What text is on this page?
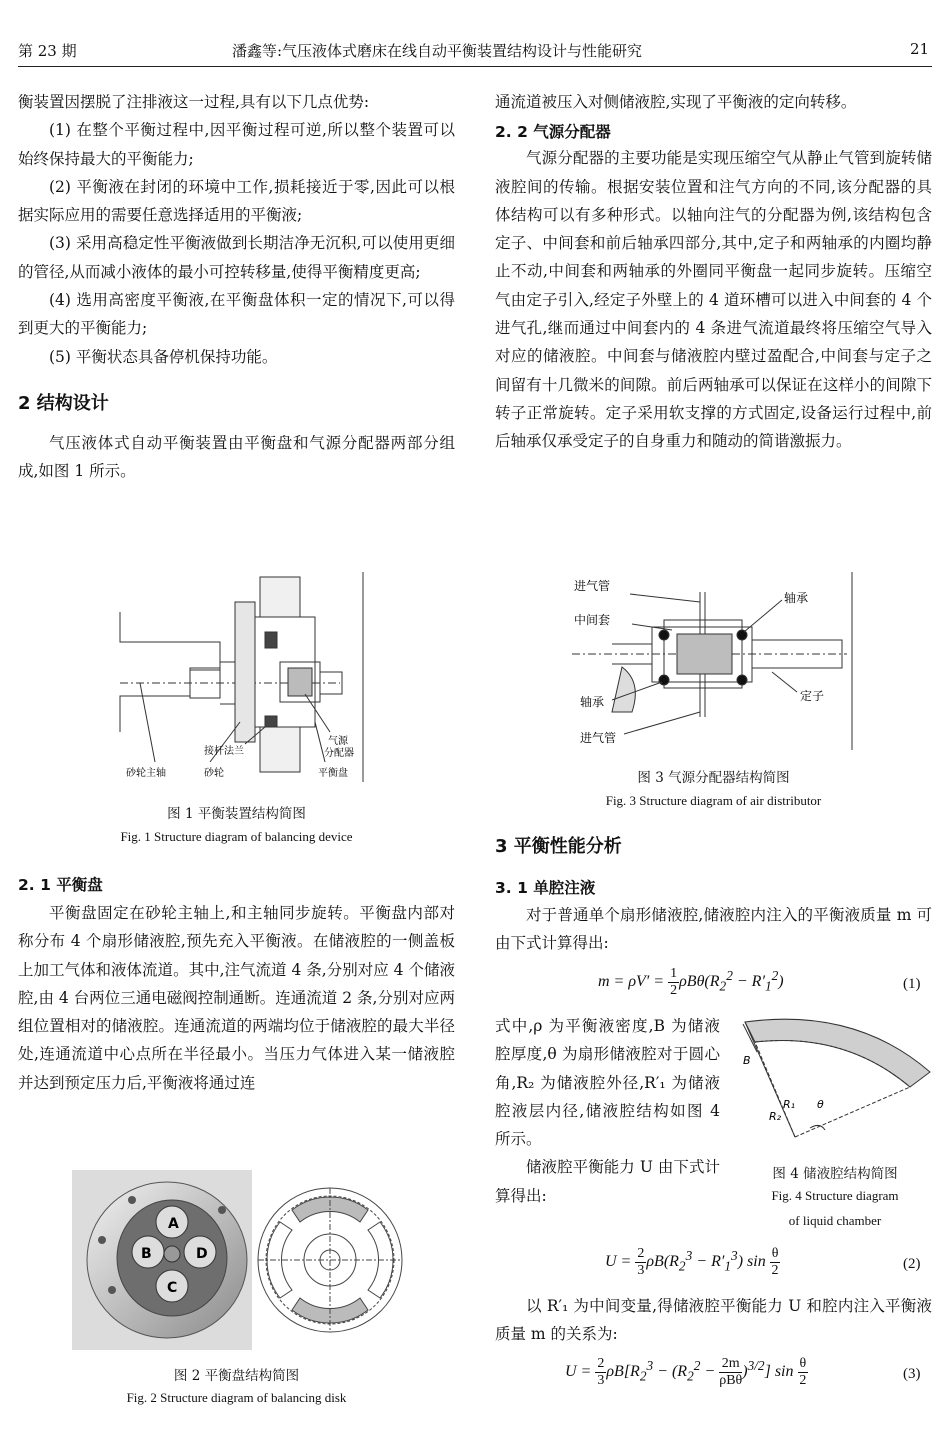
第 23 期	潘鑫等:气压液体式磨床在线自动平衡装置结构设计与性能研究	21

衡装置因摆脱了注排液这一过程,具有以下几点优势:

(1) 在整个平衡过程中,因平衡过程可逆,所以整个装置可以始终保持最大的平衡能力;

(2) 平衡液在封闭的环境中工作,损耗接近于零,因此可以根据实际应用的需要任意选择适用的平衡液;

(3) 采用高稳定性平衡液做到长期洁净无沉积,可以使用更细的管径,从而减小液体的最小可控转移量,使得平衡精度更高;

(4) 选用高密度平衡液,在平衡盘体积一定的情况下,可以得到更大的平衡能力;

(5) 平衡状态具备停机保持功能。

2 结构设计

气压液体式自动平衡装置由平衡盘和气源分配器两部分组成,如图 1 所示。

接杆法兰
砂轮主轴	砂轮
气源
分配器
平衡盘
图 1 平衡装置结构简图
Fig. 1 Structure diagram of balancing device
2. 1 平衡盘

平衡盘固定在砂轮主轴上,和主轴同步旋转。平衡盘内部对称分布 4 个扇形储液腔,预先充入平衡液。在储液腔的一侧盖板上加工气体和液体流道。其中,注气流道 4 条,分别对应 4 个储液腔,由 4 台两位三通电磁阀控制通断。连通流道 2 条,分别对应两组位置相对的储液腔。连通流道的两端均位于储液腔的最大半径处,连通流道中心点所在半径最小。当压力气体进入某一储液腔并达到预定压力后,平衡液将通过连

A
B	D
C
图 2 平衡盘结构简图
Fig. 2 Structure diagram of balancing disk

通流道被压入对侧储液腔,实现了平衡液的定向转移。

2. 2 气源分配器

气源分配器的主要功能是实现压缩空气从静止气管到旋转储液腔间的传输。根据安装位置和注气方向的不同,该分配器的具体结构可以有多种形式。以轴向注气的分配器为例,该结构包含定子、中间套和前后轴承四部分,其中,定子和两轴承的内圈均静止不动,中间套和两轴承的外圈同平衡盘一起同步旋转。压缩空气由定子引入,经定子外壁上的 4 道环槽可以进入中间套的 4 个进气孔,继而通过中间套内的 4 条进气流道最终将压缩空气导入对应的储液腔。中间套与储液腔内壁过盈配合,中间套与定子之间留有十几微米的间隙。前后两轴承可以保证在这样小的间隙下转子正常旋转。定子采用软支撑的方式固定,设备运行过程中,前后轴承仅承受定子的自身重力和随动的简谐激振力。

进气管
轴承
中间套
轴承	定子
进气管
图 3 气源分配器结构简图
Fig. 3 Structure diagram of air distributor
3 平衡性能分析
3. 1 单腔注液

对于普通单个扇形储液腔,储液腔内注入的平衡液质量 m 可由下式计算得出:

$m = \rho V' = \frac{1}{2} \rho B\theta(R_2^2 - R'_1^2)$	(1)

式中,ρ 为平衡液密度,B 为储液腔厚度,θ 为扇形储液腔对于圆心角,R₂ 为储液腔外径,R′₁ 为储液腔液层内径,储液腔结构如图 4 所示。

储液腔平衡能力 U 由下式计算得出:

B
R₁
R₂
θ
图 4 储液腔结构简图
Fig. 4 Structure diagram
of liquid chamber
$U = \frac{2}{3} \rho B(R_2^3 - R'_1^3)$ $\sin \frac{\theta}{2}$	(2)

以 R′₁ 为中间变量,得储液腔平衡能力 U 和腔内注入平衡液质量 m 的关系为:

$U = \frac{2}{3} \rho B[R_2^3 - (R_2^2 - \frac{2m}{\text{ρBθ}} )^{3/2}]$ $\sin \frac{\theta}{2}$	(3)
